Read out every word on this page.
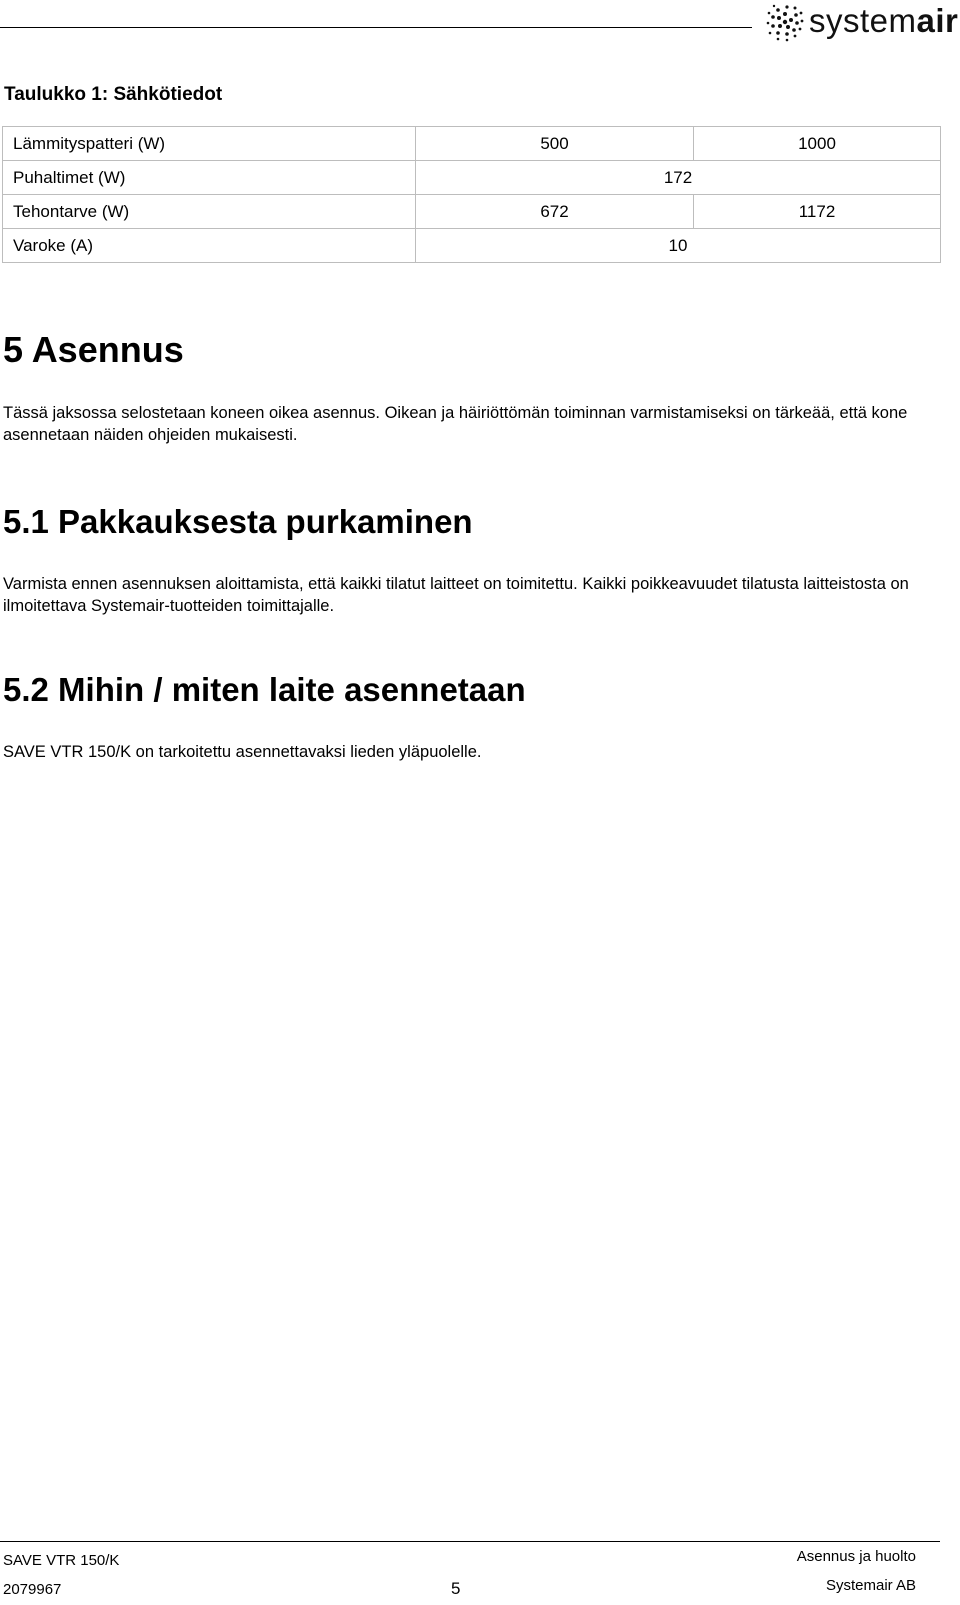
systemair
Taulukko 1: Sähkötiedot
Lämmityspatteri (W)	500	1000
Puhaltimet (W)	172	
Tehontarve (W)	672	1172
Varoke (A)	10	
5 Asennus
Tässä jaksossa selostetaan koneen oikea asennus. Oikean ja häiriöttömän toiminnan varmistamiseksi on tärkeää, että kone asennetaan näiden ohjeiden mukaisesti.
5.1 Pakkauksesta purkaminen
Varmista ennen asennuksen aloittamista, että kaikki tilatut laitteet on toimitettu. Kaikki poikkeavuudet tilatusta laitteistosta on ilmoitettava Systemair-tuotteiden toimittajalle.
5.2 Mihin / miten laite asennetaan
SAVE VTR 150/K on tarkoitettu asennettavaksi lieden yläpuolelle.
SAVE VTR 150/K
2079967	5
Asennus ja huolto
Systemair AB
